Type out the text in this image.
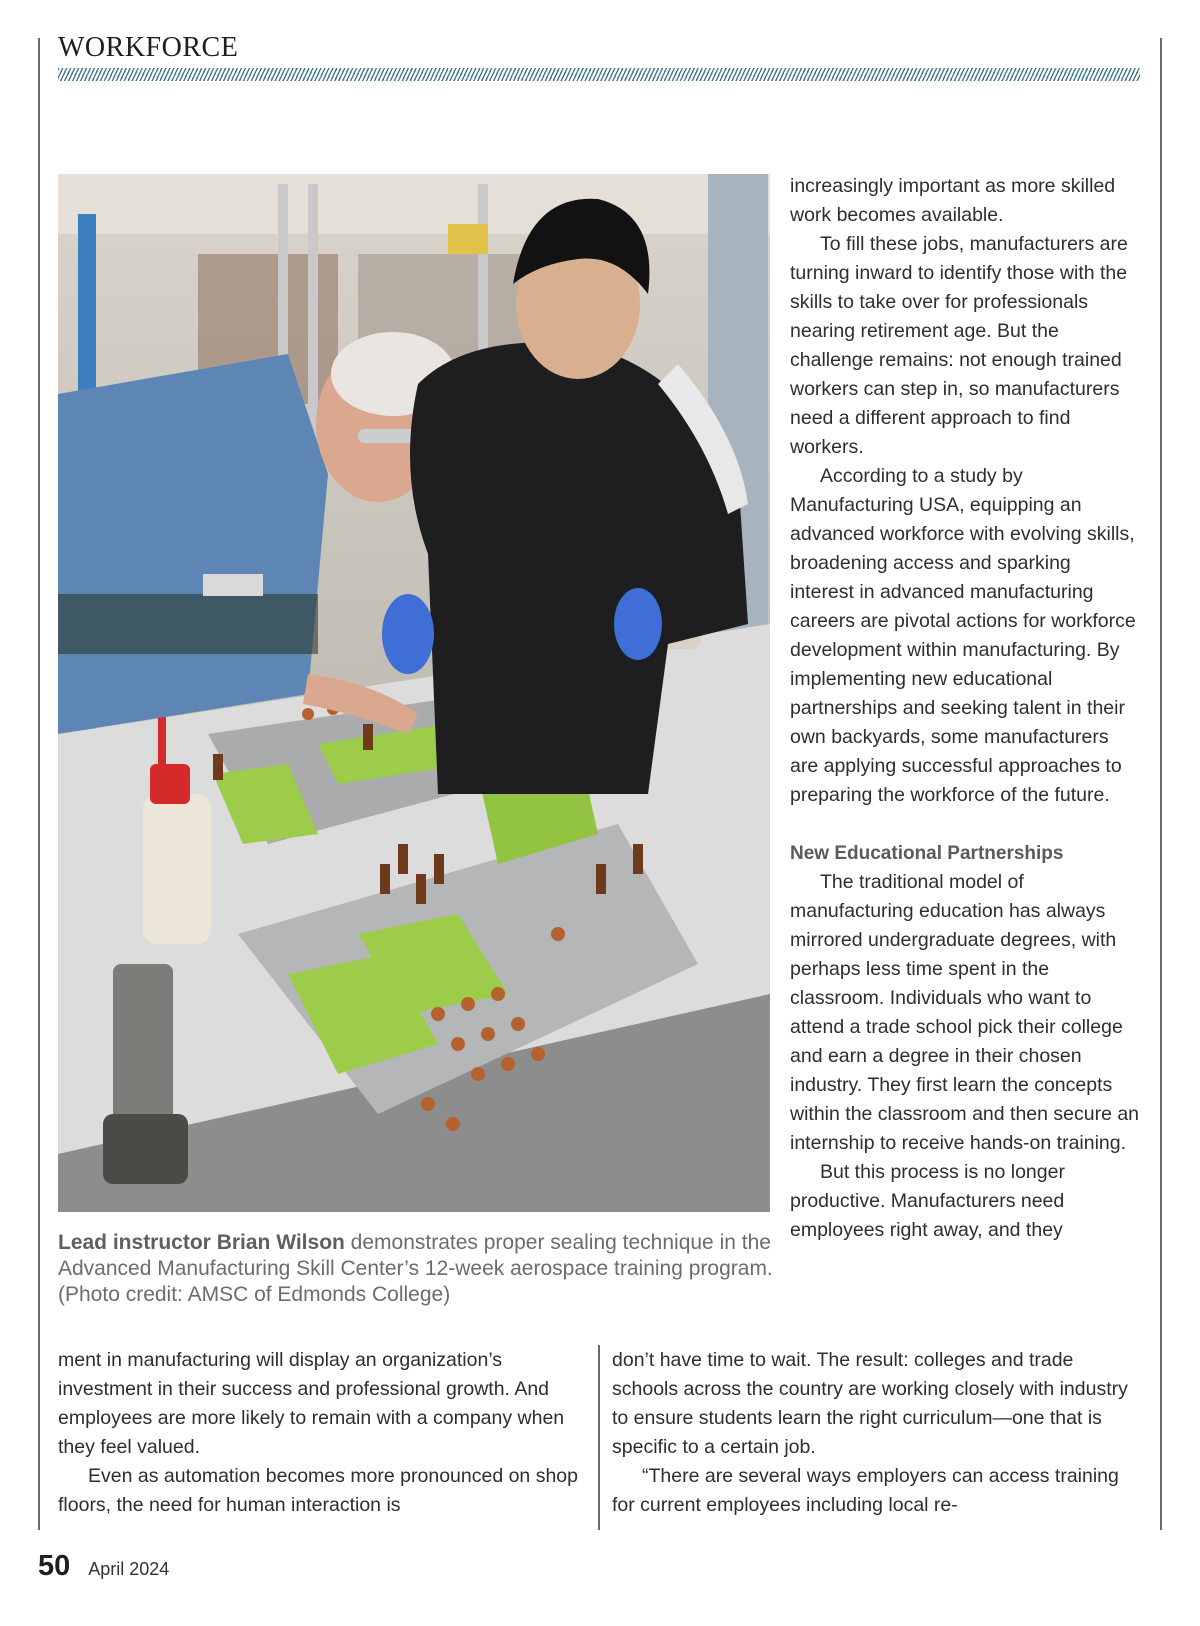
WORKFORCE

Lead instructor Brian Wilson demonstrates proper sealing technique in the Advanced Manufacturing Skill Center’s 12-week aerospace training program. (Photo credit: AMSC of Edmonds College)

increasingly important as more skilled work becomes available.

To fill these jobs, manufacturers are turning inward to identify those with the skills to take over for professionals nearing retirement age. But the challenge remains: not enough trained workers can step in, so manufacturers need a different approach to find workers.

According to a study by Manufacturing USA, equipping an advanced workforce with evolving skills, broadening access and sparking interest in advanced manufacturing careers are pivotal actions for workforce development within manufacturing. By implementing new educational partnerships and seeking talent in their own backyards, some manufacturers are applying successful approaches to preparing the workforce of the future.

New Educational Partnerships

The traditional model of manufacturing education has always mirrored undergraduate degrees, with perhaps less time spent in the classroom. Individuals who want to attend a trade school pick their college and earn a degree in their chosen industry. They first learn the concepts within the classroom and then secure an internship to receive hands-on training.

But this process is no longer productive. Manufacturers need employees right away, and they

don’t have time to wait. The result: colleges and trade schools across the country are working closely with industry to ensure students learn the right curriculum—one that is specific to a certain job.

“There are several ways employers can access training for current employees including local re-

ment in manufacturing will display an organization’s investment in their success and professional growth. And employees are more likely to remain with a company when they feel valued.

Even as automation becomes more pronounced on shop floors, the need for human interaction is

50 April 2024
